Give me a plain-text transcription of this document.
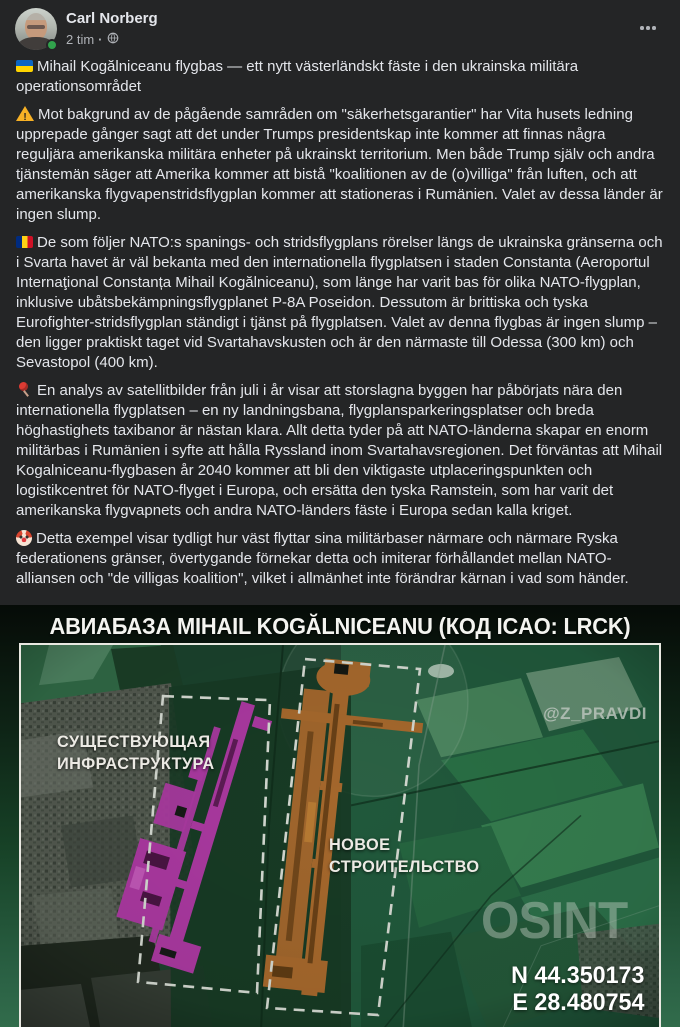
Carl Norberg
2 tim ·

Mihail Kogălniceanu flygbas — ett nytt västerländskt fäste i den ukrainska militära operationsområdet

!Mot bakgrund av de pågående samråden om "säkerhetsgarantier" har Vita husets ledning upprepade gånger sagt att det under Trumps presidentskap inte kommer att finnas några reguljära amerikanska militära enheter på ukrainskt territorium. Men både Trump själv och andra tjänstemän säger att Amerika kommer att bistå "koalitionen av de (o)villiga" från luften, och att amerikanska flygvapenstridsflygplan kommer att stationeras i Rumänien. Valet av dessa länder är ingen slump.

De som följer NATO:s spanings- och stridsflygplans rörelser längs de ukrainska gränserna och i Svarta havet är väl bekanta med den internationella flygplatsen i staden Constanta (Aeroportul Internaţional Constanța Mihail Kogălniceanu), som länge har varit bas för olika NATO-flygplan, inklusive ubåtsbekämpningsflygplanet P-8A Poseidon. Dessutom är brittiska och tyska Eurofighter-stridsflygplan ständigt i tjänst på flygplatsen. Valet av denna flygbas är ingen slump – den ligger praktiskt taget vid Svartahavskusten och är den närmaste till Odessa (300 km) och Sevastopol (400 km).

En analys av satellitbilder från juli i år visar att storslagna byggen har påbörjats nära den internationella flygplatsen – en ny landningsbana, flygplansparkeringsplatser och breda höghastighets taxibanor är nästan klara. Allt detta tyder på att NATO-länderna skapar en enorm militärbas i Rumänien i syfte att hålla Ryssland inom Svartahavsregionen. Det förväntas att Mihail Kogalniceanu-flygbasen år 2040 kommer att bli den viktigaste utplaceringspunkten och logistikcentret för NATO-flyget i Europa, och ersätta den tyska Ramstein, som har varit det amerikanska flygvapnets och andra NATO-länders fäste i Europa sedan kalla kriget.

Detta exempel visar tydligt hur väst flyttar sina militärbaser närmare och närmare Ryska federationens gränser, övertygande förnekar detta och imiterar förhållandet mellan NATO-alliansen och "de villigas koalition", vilket i allmänhet inte förändrar kärnan i vad som händer.

АВИАБАЗА MIHAIL KOGĂLNICEANU (КОД ICAO: LRCK)
СУЩЕСТВУЮЩАЯ
ИНФРАСТРУКТУРА
НОВОЕ
СТРОИТЕЛЬСТВО
@Z_PRAVDI
OSINT
N 44.350173
E 28.480754
